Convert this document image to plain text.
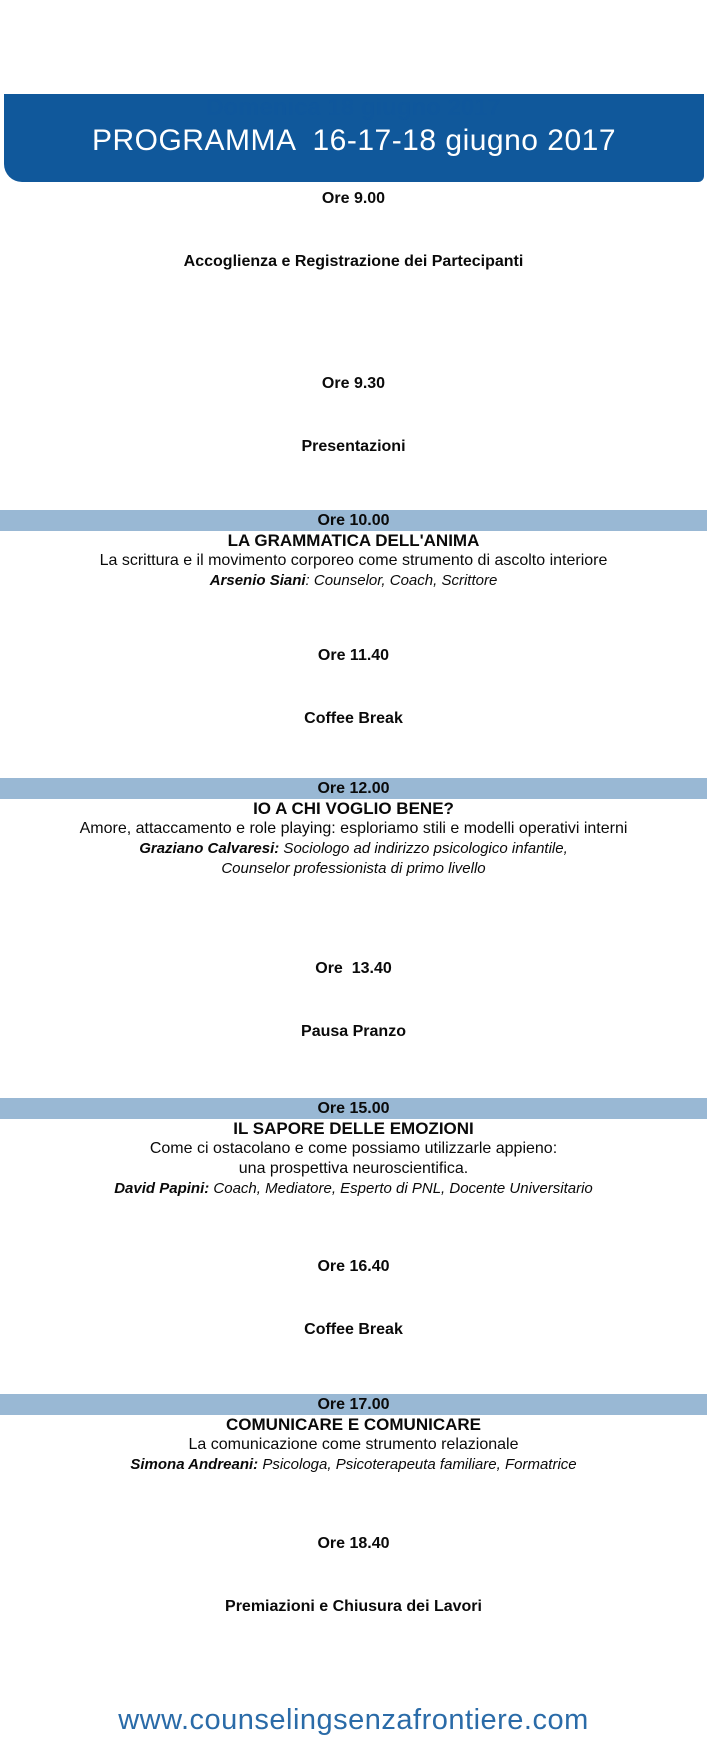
PROGRAMMA  16-17-18 giugno 2017
Domenica 18 giugno 2017

Ore 9.00

Accoglienza e Registrazione dei Partecipanti

Ore 9.30

Presentazioni

Ore 10.00
LA GRAMMATICA DELL'ANIMA
La scrittura e il movimento corporeo come strumento di ascolto interiore
Arsenio Siani: Counselor, Coach, Scrittore

Ore 11.40

Coffee Break

Ore 12.00
IO A CHI VOGLIO BENE?
Amore, attaccamento e role playing: esploriamo stili e modelli operativi interni
Graziano Calvaresi: Sociologo ad indirizzo psicologico infantile,
Counselor professionista di primo livello

Ore  13.40

Pausa Pranzo

Ore 15.00
IL SAPORE DELLE EMOZIONI
Come ci ostacolano e come possiamo utilizzarle appieno:
una prospettiva neuroscientifica.
David Papini: Coach, Mediatore, Esperto di PNL, Docente Universitario

Ore 16.40

Coffee Break

Ore 17.00
COMUNICARE E COMUNICARE
La comunicazione come strumento relazionale
Simona Andreani: Psicologa, Psicoterapeuta familiare, Formatrice

Ore 18.40

Premiazioni e Chiusura dei Lavori

www.counselingsenzafrontiere.com
